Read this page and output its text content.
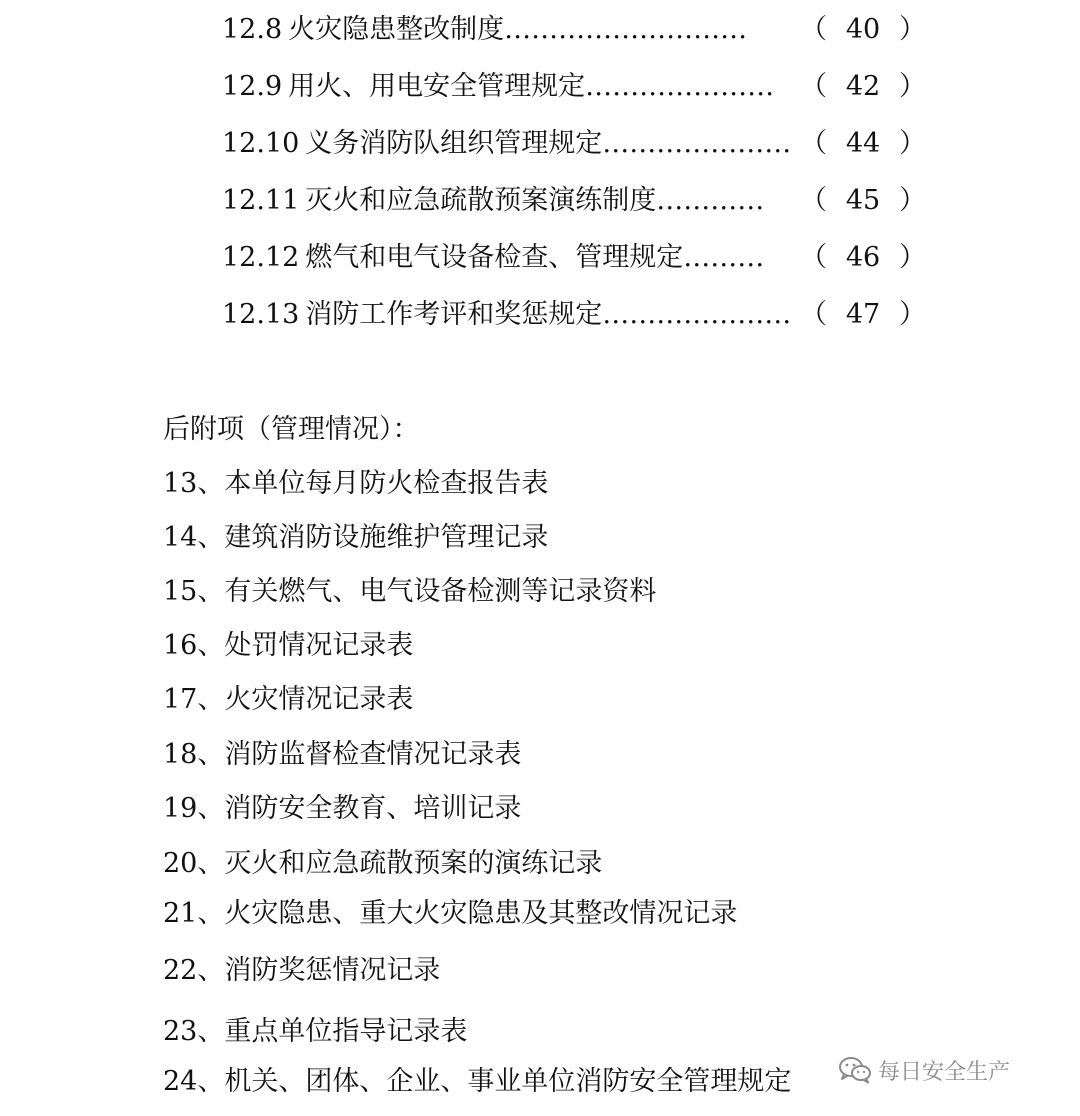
12.8 火灾隐患整改制度……………………… （ 40 ）
12.9 用火、用电安全管理规定………………… （ 42 ）
12.10 义务消防队组织管理规定………………… （ 44 ）
12.11 灭火和应急疏散预案演练制度………… （ 45 ）
12.12 燃气和电气设备检查、管理规定……… （ 46 ）
12.13 消防工作考评和奖惩规定………………… （ 47 ）
后附项（管理情况）：
13、本单位每月防火检查报告表
14、建筑消防设施维护管理记录
15、有关燃气、电气设备检测等记录资料
16、处罚情况记录表
17、火灾情况记录表
18、消防监督检查情况记录表
19、消防安全教育、培训记录
20、灭火和应急疏散预案的演练记录
21、火灾隐患、重大火灾隐患及其整改情况记录
22、消防奖惩情况记录
23、重点单位指导记录表
24、机关、团体、企业、事业单位消防安全管理规定	每日安全生产
